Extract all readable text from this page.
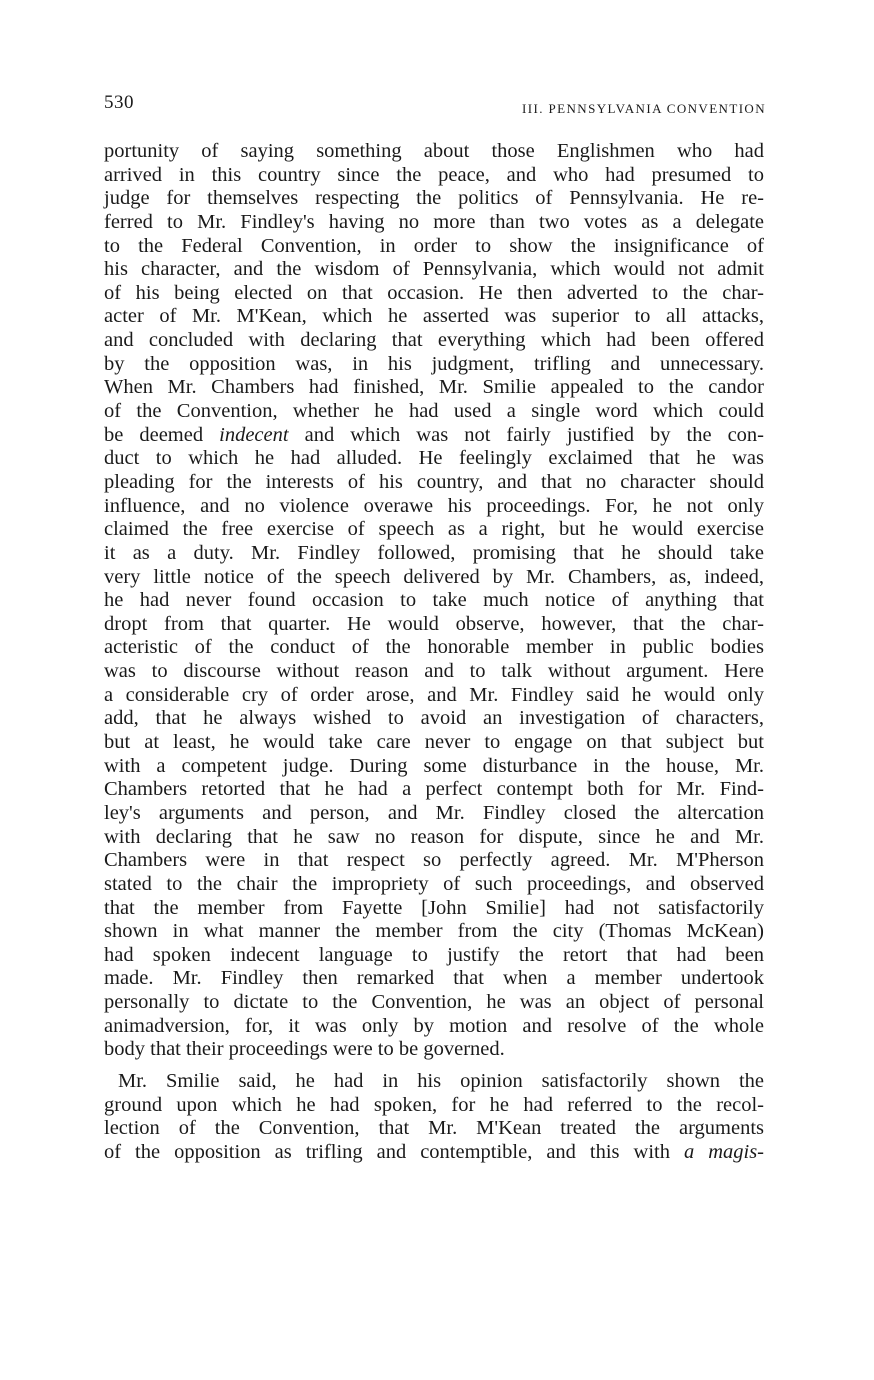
530	III. PENNSYLVANIA CONVENTION
portunity of saying something about those Englishmen who had
arrived in this country since the peace, and who had presumed to
judge for themselves respecting the politics of Pennsylvania. He re-
ferred to Mr. Findley's having no more than two votes as a delegate
to the Federal Convention, in order to show the insignificance of
his character, and the wisdom of Pennsylvania, which would not admit
of his being elected on that occasion. He then adverted to the char-
acter of Mr. M'Kean, which he asserted was superior to all attacks,
and concluded with declaring that everything which had been offered
by the opposition was, in his judgment, trifling and unnecessary.
When Mr. Chambers had finished, Mr. Smilie appealed to the candor
of the Convention, whether he had used a single word which could
be deemed indecent and which was not fairly justified by the con-
duct to which he had alluded. He feelingly exclaimed that he was
pleading for the interests of his country, and that no character should
influence, and no violence overawe his proceedings. For, he not only
claimed the free exercise of speech as a right, but he would exercise
it as a duty. Mr. Findley followed, promising that he should take
very little notice of the speech delivered by Mr. Chambers, as, indeed,
he had never found occasion to take much notice of anything that
dropt from that quarter. He would observe, however, that the char-
acteristic of the conduct of the honorable member in public bodies
was to discourse without reason and to talk without argument. Here
a considerable cry of order arose, and Mr. Findley said he would only
add, that he always wished to avoid an investigation of characters,
but at least, he would take care never to engage on that subject but
with a competent judge. During some disturbance in the house, Mr.
Chambers retorted that he had a perfect contempt both for Mr. Find-
ley's arguments and person, and Mr. Findley closed the altercation
with declaring that he saw no reason for dispute, since he and Mr.
Chambers were in that respect so perfectly agreed. Mr. M'Pherson
stated to the chair the impropriety of such proceedings, and observed
that the member from Fayette [John Smilie] had not satisfactorily
shown in what manner the member from the city (Thomas McKean)
had spoken indecent language to justify the retort that had been
made. Mr. Findley then remarked that when a member undertook
personally to dictate to the Convention, he was an object of personal
animadversion, for, it was only by motion and resolve of the whole
body that their proceedings were to be governed.
Mr. Smilie said, he had in his opinion satisfactorily shown the
ground upon which he had spoken, for he had referred to the recol-
lection of the Convention, that Mr. M'Kean treated the arguments
of the opposition as trifling and contemptible, and this with a magis-
